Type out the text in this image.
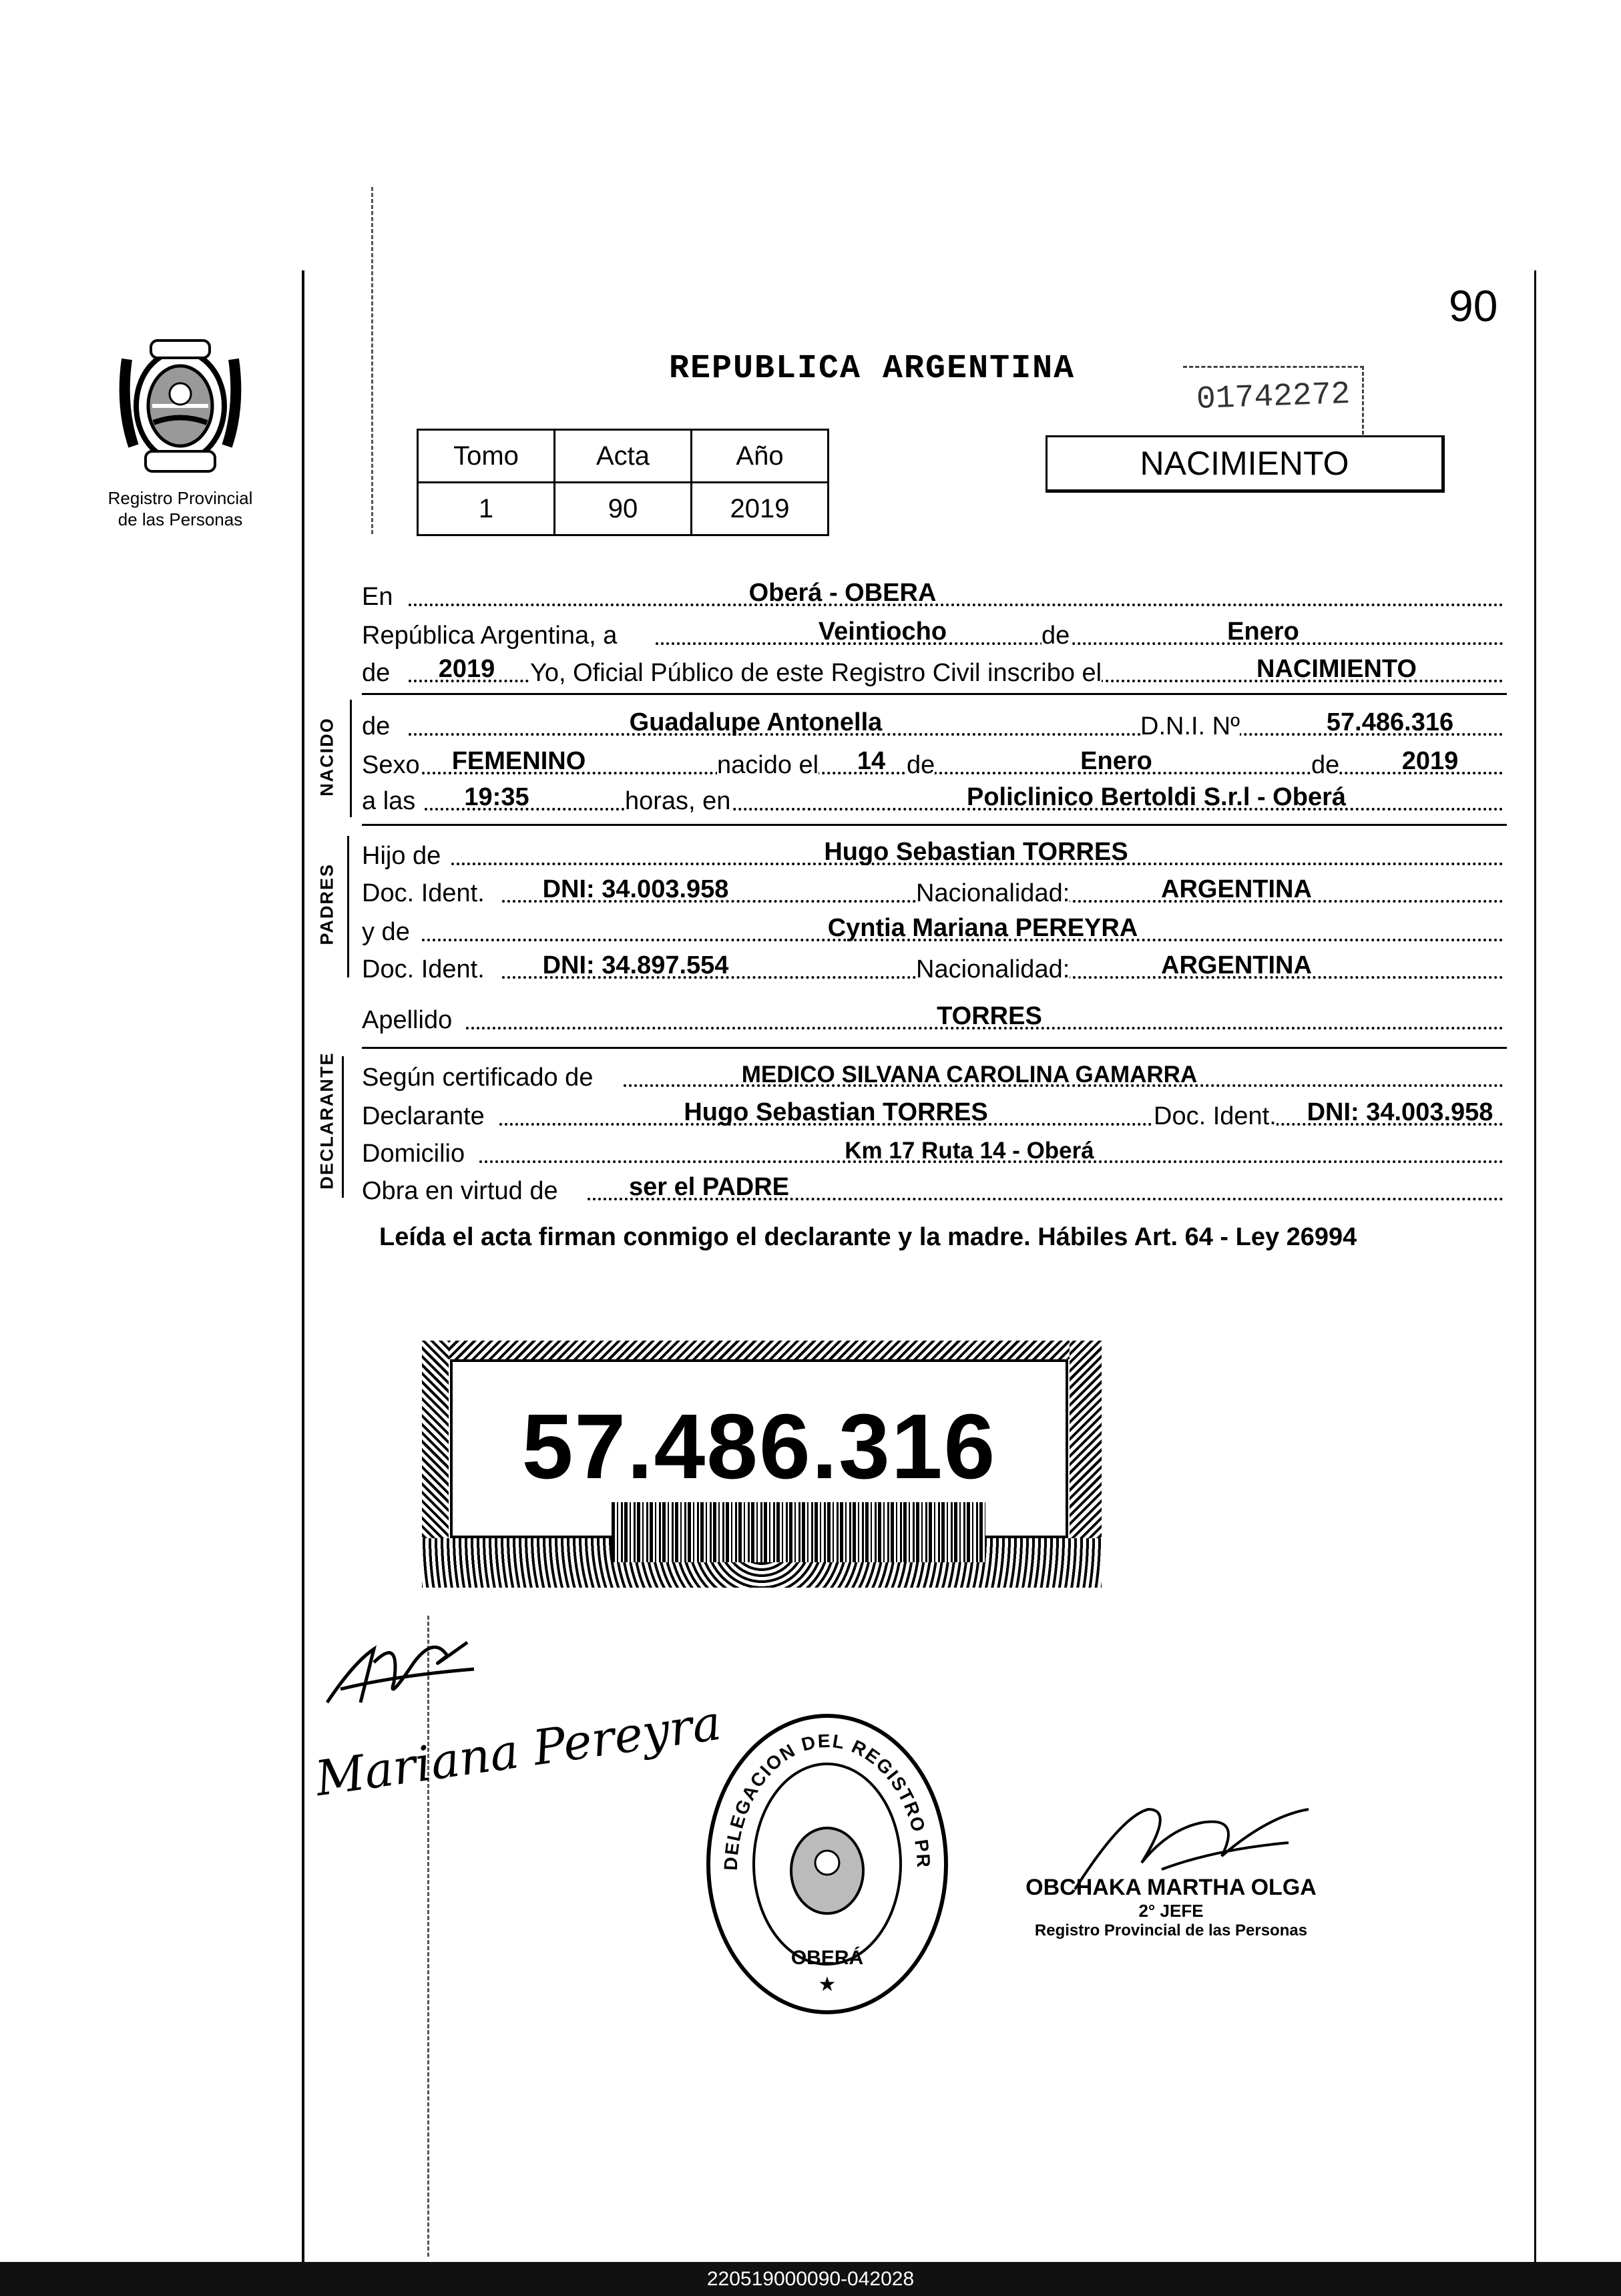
90
Registro Provincial
de las Personas
REPUBLICA ARGENTINA
01742272
Tomo	Acta	Año
1	90	2019
NACIMIENTO
En	Oberá - OBERA
República Argentina, a	Veintiocho	de	Enero
de	2019	Yo, Oficial Público de este Registro Civil inscribo el	NACIMIENTO
NACIDO de	Guadalupe Antonella	D.N.I. Nº	57.486.316
Sexo	FEMENINO	nacido el	14 de	Enero	de	2019
a las	19:35	horas, en	Policlinico Bertoldi S.r.l - Oberá
PADRES
Hijo de	Hugo Sebastian TORRES
Doc. Ident.	DNI: 34.003.958	Nacionalidad:	ARGENTINA
y de	Cyntia Mariana PEREYRA
Doc. Ident.	DNI: 34.897.554	Nacionalidad:	ARGENTINA
Apellido	TORRES
DECLARANTE Según certificado de	MEDICO SILVANA CAROLINA GAMARRA
Declarante	Hugo Sebastian TORRES	Doc. Ident.	DNI: 34.003.958
Domicilio	Km 17 Ruta 14 - Oberá
Obra en virtud de	ser el PADRE
Leída el acta firman conmigo el declarante y la madre. Hábiles Art. 64 - Ley 26994
57.486.316
Mariana Pereyra
DELEGACION DEL REGISTRO PR
OBERÁ
★
OBCHAKA MARTHA OLGA
2° JEFE
Registro Provincial de las Personas
220519000090-042028
